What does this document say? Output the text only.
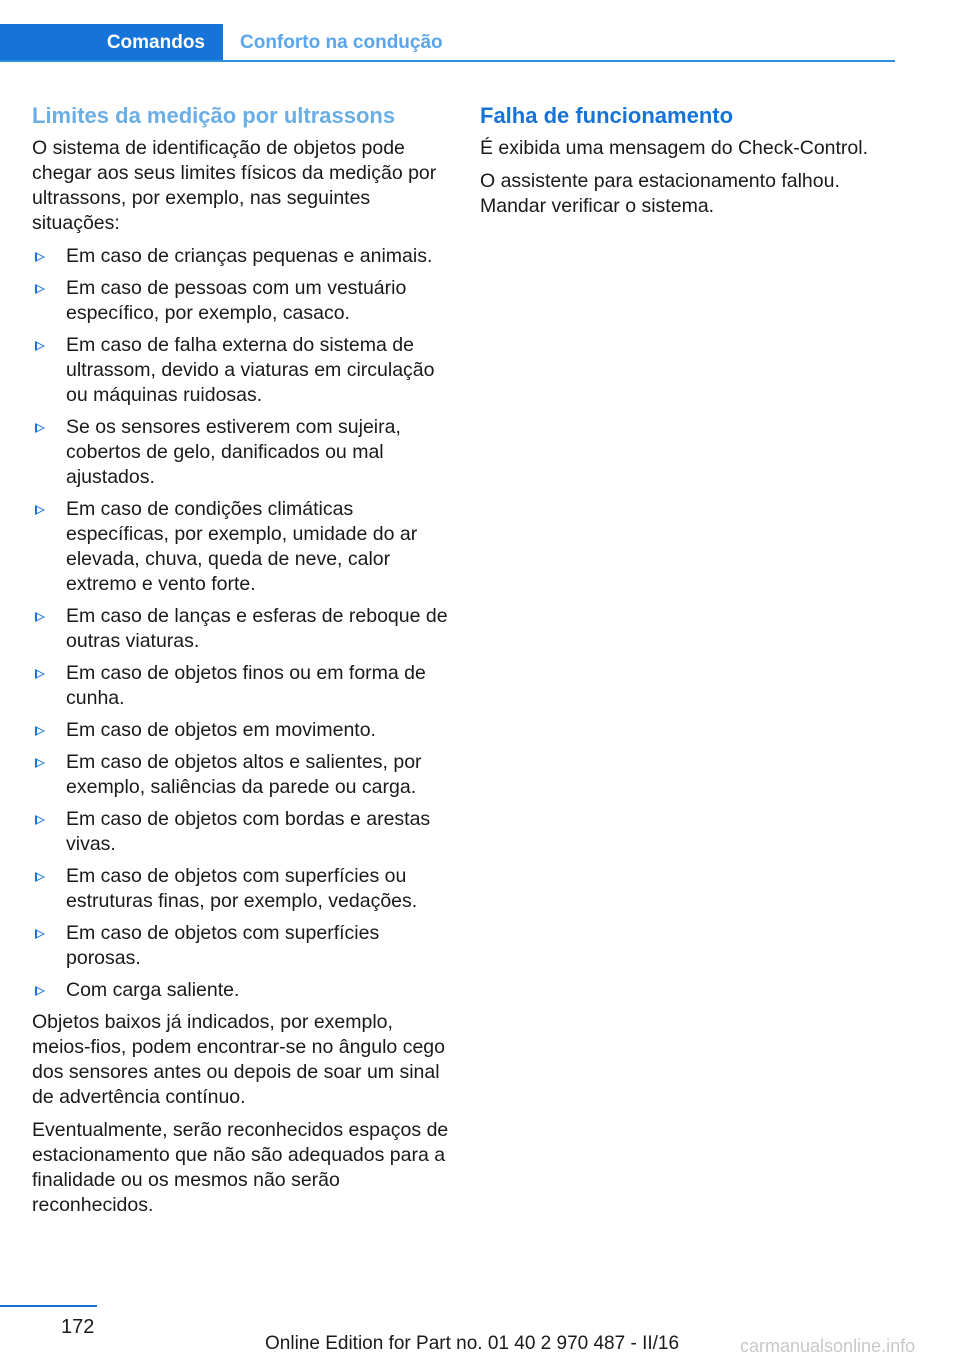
Comandos	Conforto na condução
Limites da medição por ultrassons

O sistema de identificação de objetos pode chegar aos seus limites físicos da medição por ultrassons, por exemplo, nas seguintes situações:

Em caso de crianças pequenas e animais.
Em caso de pessoas com um vestuário específico, por exemplo, casaco.
Em caso de falha externa do sistema de ultrassom, devido a viaturas em circulação ou máquinas ruidosas.
Se os sensores estiverem com sujeira, cobertos de gelo, danificados ou mal ajustados.
Em caso de condições climáticas específicas, por exemplo, umidade do ar elevada, chuva, queda de neve, calor extremo e vento forte.
Em caso de lanças e esferas de reboque de outras viaturas.
Em caso de objetos finos ou em forma de cunha.
Em caso de objetos em movimento.
Em caso de objetos altos e salientes, por exemplo, saliências da parede ou carga.
Em caso de objetos com bordas e arestas vivas.
Em caso de objetos com superfícies ou estruturas finas, por exemplo, vedações.
Em caso de objetos com superfícies porosas.
Com carga saliente.

Objetos baixos já indicados, por exemplo, meios-fios, podem encontrar-se no ângulo cego dos sensores antes ou depois de soar um sinal de advertência contínuo.

Eventualmente, serão reconhecidos espaços de estacionamento que não são adequados para a finalidade ou os mesmos não serão reconhecidos.

Falha de funcionamento

É exibida uma mensagem do Check-Control.

O assistente para estacionamento falhou. Mandar verificar o sistema.

172
Online Edition for Part no. 01 40 2 970 487 - II/16	carmanualsonline.info
